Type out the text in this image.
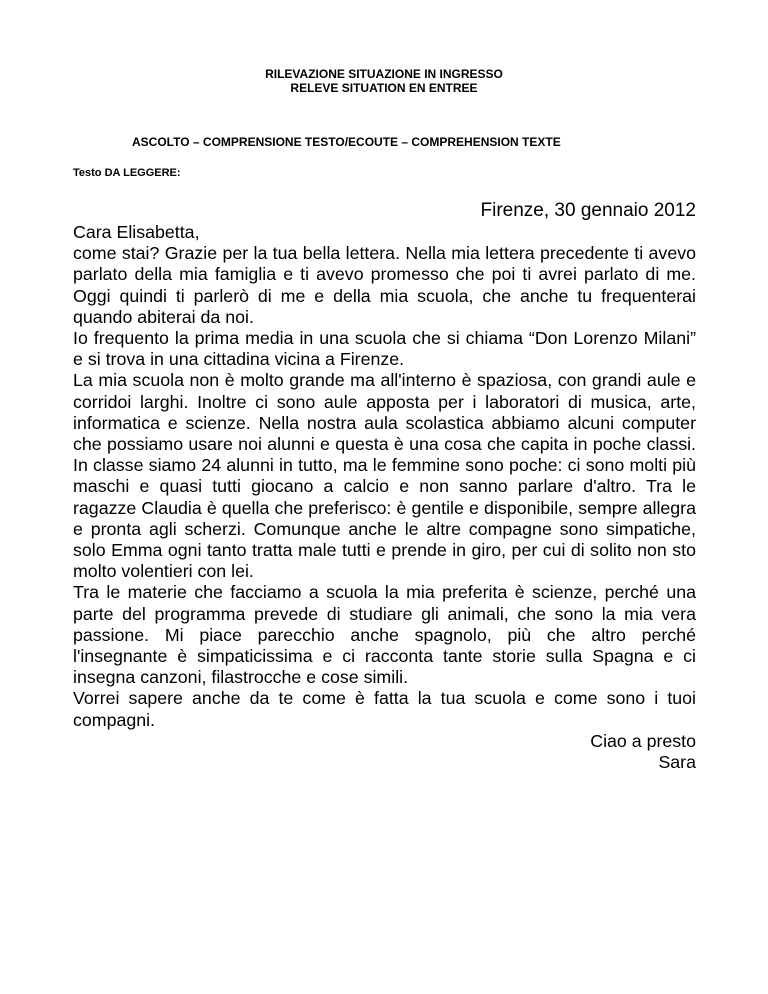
RILEVAZIONE SITUAZIONE IN INGRESSO
RELEVE SITUATION EN ENTREE
ASCOLTO – COMPRENSIONE TESTO/ECOUTE – COMPREHENSION TEXTE
Testo DA LEGGERE:
Firenze, 30 gennaio 2012
Cara Elisabetta,

come stai? Grazie per la tua bella lettera. Nella mia lettera precedente ti avevo parlato della mia famiglia e ti avevo promesso che poi ti avrei parlato di me. Oggi quindi ti parlerò di me e della mia scuola, che anche tu frequenterai quando abiterai da noi.

Io frequento la prima media in una scuola che si chiama “Don Lorenzo Milani” e si trova in una cittadina vicina a Firenze.

La mia scuola non è molto grande ma all'interno è spaziosa, con grandi aule e corridoi larghi. Inoltre ci sono aule apposta per i laboratori di musica, arte, informatica e scienze. Nella nostra aula scolastica abbiamo alcuni computer che possiamo usare noi alunni e questa è una cosa che capita in poche classi. In classe siamo 24 alunni in tutto, ma le femmine sono poche: ci sono molti più maschi e quasi tutti giocano a calcio e non sanno parlare d'altro. Tra le ragazze Claudia è quella che preferisco: è gentile e disponibile, sempre allegra e pronta agli scherzi. Comunque anche le altre compagne sono simpatiche, solo Emma ogni tanto tratta male tutti e prende in giro, per cui di solito non sto molto volentieri con lei.

Tra le materie che facciamo a scuola la mia preferita è scienze, perché una parte del programma prevede di studiare gli animali, che sono la mia vera passione. Mi piace parecchio anche spagnolo, più che altro perché l'insegnante è simpaticissima e ci racconta tante storie sulla Spagna e ci insegna canzoni, filastrocche e cose simili.

Vorrei sapere anche da te come è fatta la tua scuola e come sono i tuoi compagni.

Ciao a presto
Sara
